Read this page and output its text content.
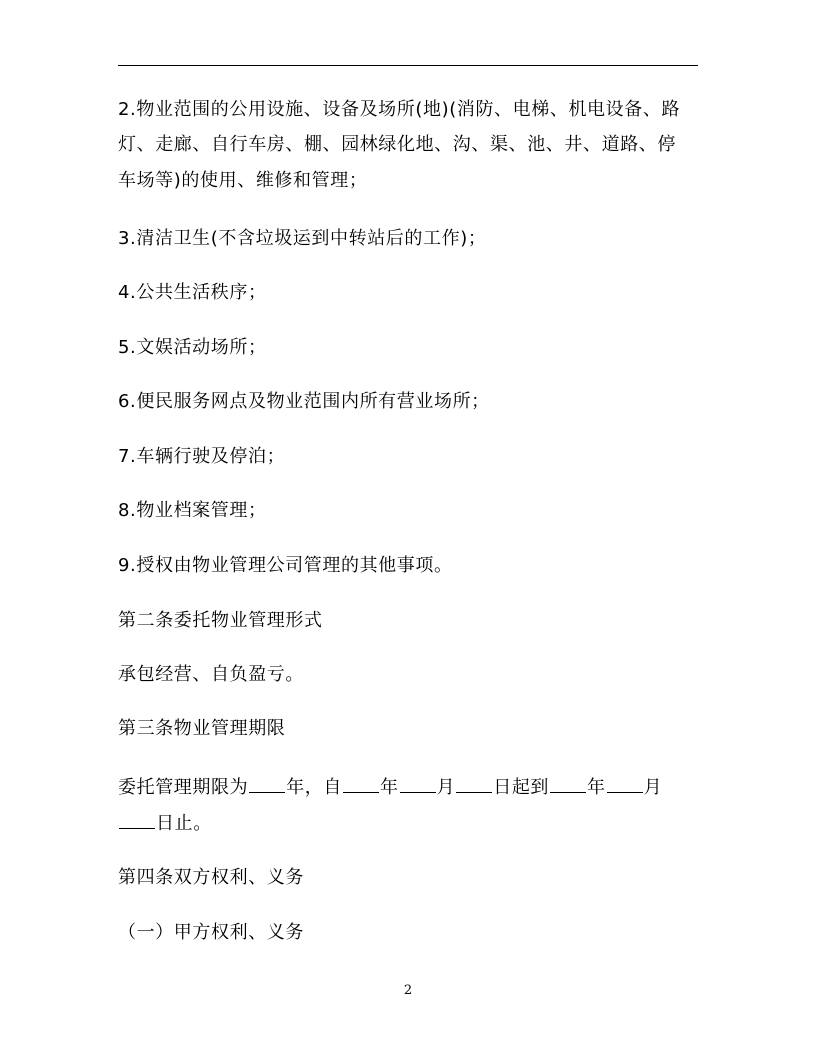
2.物业范围的公用设施、设备及场所(地)(消防、电梯、机电设备、路
灯、走廊、自行车房、棚、园林绿化地、沟、渠、池、井、道路、停
车场等)的使用、维修和管理；
3.清洁卫生(不含垃圾运到中转站后的工作)；
4.公共生活秩序；
5.文娱活动场所；
6.便民服务网点及物业范围内所有营业场所；
7.车辆行驶及停泊；
8.物业档案管理；
9.授权由物业管理公司管理的其他事项。
第二条委托物业管理形式
承包经营、自负盈亏。
第三条物业管理期限
委托管理期限为 年，自 年 月 日起到 年 月
日止。
第四条双方权利、义务
（一）甲方权利、义务
2
